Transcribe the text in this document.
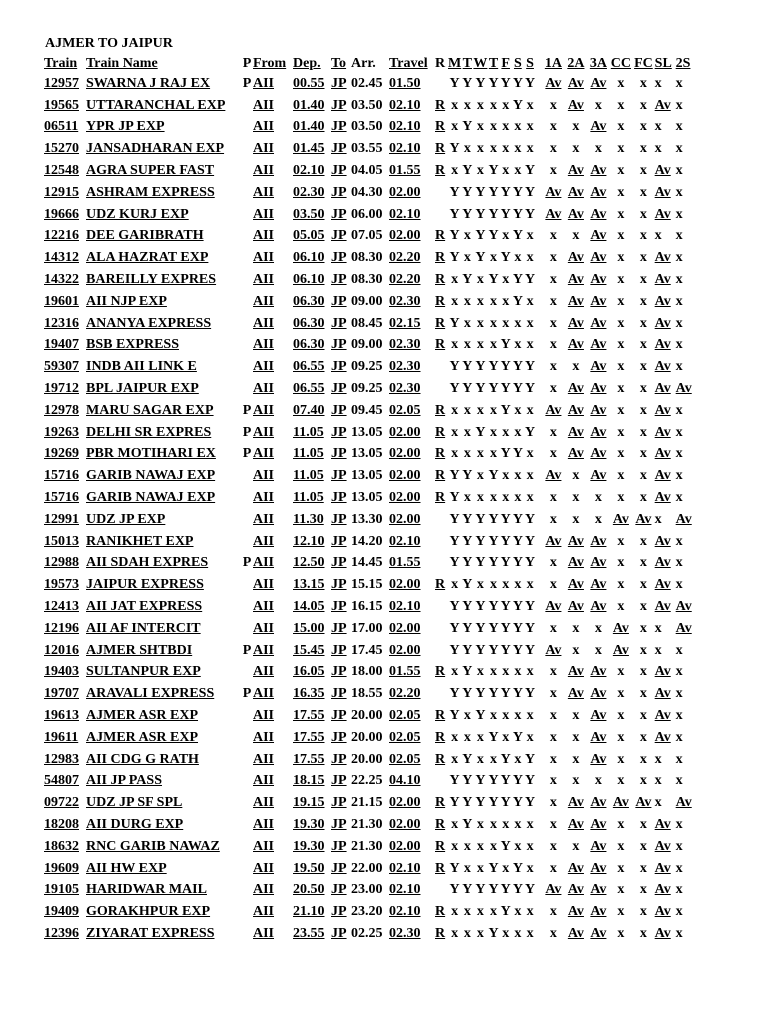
AJMER TO JAIPUR
Train	Train Name	P	From	Dep.	To	Arr.	Travel	R	M	T	W	T	F	S	S		1A	2A	3A	CC	FC	SL	2S
12957	SWARNA J RAJ EX	P	AII	00.55	JP	02.45	01.50		Y	Y	Y	Y	Y	Y	Y		Av	Av	Av	x	x	x	x
19565	UTTARANCHAL EXP		AII	01.40	JP	03.50	02.10	R	x	x	x	x	x	Y	x		x	Av	x	x	x	Av	x
06511	YPR JP EXP		AII	01.40	JP	03.50	02.10	R	x	Y	x	x	x	x	x		x	x	Av	x	x	x	x
15270	JANSADHARAN EXP		AII	01.45	JP	03.55	02.10	R	Y	x	x	x	x	x	x		x	x	x	x	x	x	x
12548	AGRA SUPER FAST		AII	02.10	JP	04.05	01.55	R	x	Y	x	Y	x	x	Y		x	Av	Av	x	x	Av	x
12915	ASHRAM EXPRESS		AII	02.30	JP	04.30	02.00		Y	Y	Y	Y	Y	Y	Y		Av	Av	Av	x	x	Av	x
19666	UDZ KURJ EXP		AII	03.50	JP	06.00	02.10		Y	Y	Y	Y	Y	Y	Y		Av	Av	Av	x	x	Av	x
12216	DEE GARIBRATH		AII	05.05	JP	07.05	02.00	R	Y	x	Y	Y	x	Y	x		x	x	Av	x	x	x	x
14312	ALA HAZRAT EXP		AII	06.10	JP	08.30	02.20	R	Y	x	Y	x	Y	x	x		x	Av	Av	x	x	Av	x
14322	BAREILLY EXPRES		AII	06.10	JP	08.30	02.20	R	x	Y	x	Y	x	Y	Y		x	Av	Av	x	x	Av	x
19601	AII NJP EXP		AII	06.30	JP	09.00	02.30	R	x	x	x	x	x	Y	x		x	Av	Av	x	x	Av	x
12316	ANANYA EXPRESS		AII	06.30	JP	08.45	02.15	R	Y	x	x	x	x	x	x		x	Av	Av	x	x	Av	x
19407	BSB EXPRESS		AII	06.30	JP	09.00	02.30	R	x	x	x	x	Y	x	x		x	Av	Av	x	x	Av	x
59307	INDB AII LINK E		AII	06.55	JP	09.25	02.30		Y	Y	Y	Y	Y	Y	Y		x	x	Av	x	x	Av	x
19712	BPL JAIPUR EXP		AII	06.55	JP	09.25	02.30		Y	Y	Y	Y	Y	Y	Y		x	Av	Av	x	x	Av	Av
12978	MARU SAGAR EXP	P	AII	07.40	JP	09.45	02.05	R	x	x	x	x	Y	x	x		Av	Av	Av	x	x	Av	x
19263	DELHI SR EXPRES	P	AII	11.05	JP	13.05	02.00	R	x	x	Y	x	x	x	Y		x	Av	Av	x	x	Av	x
19269	PBR MOTIHARI EX	P	AII	11.05	JP	13.05	02.00	R	x	x	x	x	Y	Y	x		x	Av	Av	x	x	Av	x
15716	GARIB NAWAJ EXP		AII	11.05	JP	13.05	02.00	R	Y	Y	x	Y	x	x	x		Av	x	Av	x	x	Av	x
15716	GARIB NAWAJ EXP		AII	11.05	JP	13.05	02.00	R	Y	x	x	x	x	x	x		x	x	x	x	x	Av	x
12991	UDZ JP EXP		AII	11.30	JP	13.30	02.00		Y	Y	Y	Y	Y	Y	Y		x	x	x	Av	Av	x	Av
15013	RANIKHET EXP		AII	12.10	JP	14.20	02.10		Y	Y	Y	Y	Y	Y	Y		Av	Av	Av	x	x	Av	x
12988	AII SDAH EXPRES	P	AII	12.50	JP	14.45	01.55		Y	Y	Y	Y	Y	Y	Y		x	Av	Av	x	x	Av	x
19573	JAIPUR EXPRESS		AII	13.15	JP	15.15	02.00	R	x	Y	x	x	x	x	x		x	Av	Av	x	x	Av	x
12413	AII JAT EXPRESS		AII	14.05	JP	16.15	02.10		Y	Y	Y	Y	Y	Y	Y		Av	Av	Av	x	x	Av	Av
12196	AII AF INTERCIT		AII	15.00	JP	17.00	02.00		Y	Y	Y	Y	Y	Y	Y		x	x	x	Av	x	x	Av
12016	AJMER SHTBDI	P	AII	15.45	JP	17.45	02.00		Y	Y	Y	Y	Y	Y	Y		Av	x	x	Av	x	x	x
19403	SULTANPUR EXP		AII	16.05	JP	18.00	01.55	R	x	Y	x	x	x	x	x		x	Av	Av	x	x	Av	x
19707	ARAVALI EXPRESS	P	AII	16.35	JP	18.55	02.20		Y	Y	Y	Y	Y	Y	Y		x	Av	Av	x	x	Av	x
19613	AJMER ASR EXP		AII	17.55	JP	20.00	02.05	R	Y	x	Y	x	x	x	x		x	x	Av	x	x	Av	x
19611	AJMER ASR EXP		AII	17.55	JP	20.00	02.05	R	x	x	x	Y	x	Y	x		x	x	Av	x	x	Av	x
12983	AII CDG G RATH		AII	17.55	JP	20.00	02.05	R	x	Y	x	x	Y	x	Y		x	x	Av	x	x	x	x
54807	AII JP PASS		AII	18.15	JP	22.25	04.10		Y	Y	Y	Y	Y	Y	Y		x	x	x	x	x	x	x
09722	UDZ JP SF SPL		AII	19.15	JP	21.15	02.00	R	Y	Y	Y	Y	Y	Y	Y		x	Av	Av	Av	Av	x	Av
18208	AII DURG EXP		AII	19.30	JP	21.30	02.00	R	x	Y	x	x	x	x	x		x	Av	Av	x	x	Av	x
18632	RNC GARIB NAWAZ		AII	19.30	JP	21.30	02.00	R	x	x	x	x	Y	x	x		x	x	Av	x	x	Av	x
19609	AII HW EXP		AII	19.50	JP	22.00	02.10	R	Y	x	x	Y	x	Y	x		x	Av	Av	x	x	Av	x
19105	HARIDWAR MAIL		AII	20.50	JP	23.00	02.10		Y	Y	Y	Y	Y	Y	Y		Av	Av	Av	x	x	Av	x
19409	GORAKHPUR EXP		AII	21.10	JP	23.20	02.10	R	x	x	x	x	Y	x	x		x	Av	Av	x	x	Av	x
12396	ZIYARAT EXPRESS		AII	23.55	JP	02.25	02.30	R	x	x	x	Y	x	x	x		x	Av	Av	x	x	Av	x
